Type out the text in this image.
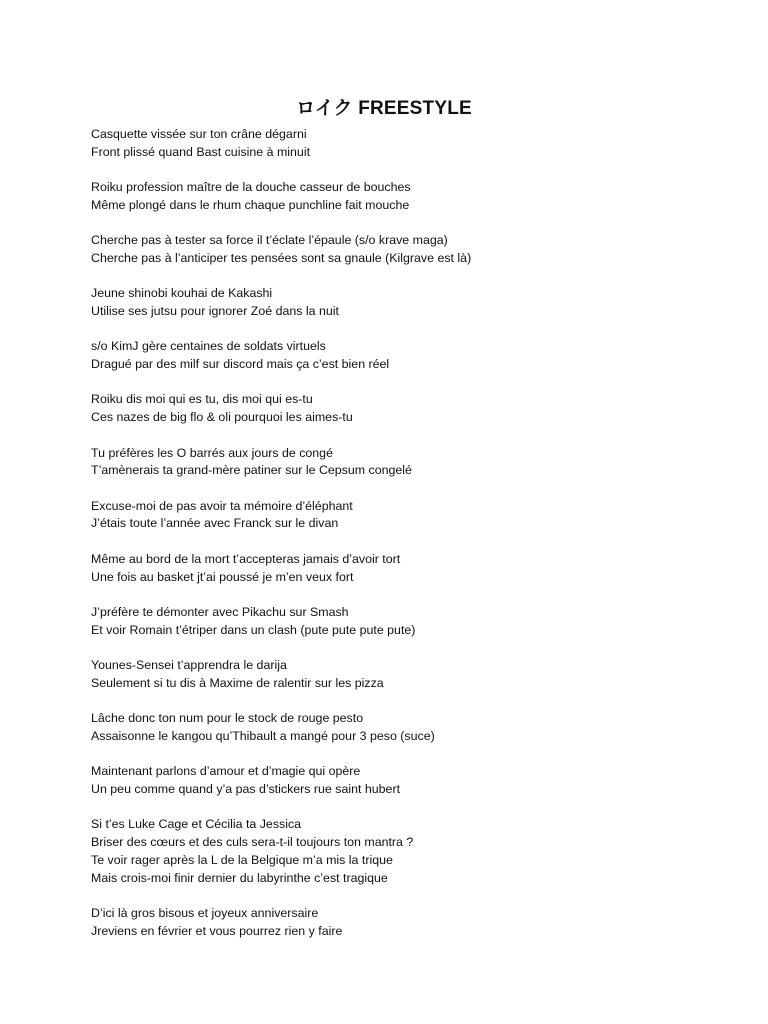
ロイク FREESTYLE
Casquette vissée sur ton crâne dégarni
Front plissé quand Bast cuisine à minuit
Roiku profession maître de la douche casseur de bouches
Même plongé dans le rhum chaque punchline fait mouche
Cherche pas à tester sa force il t’éclate l’épaule (s/o krave maga)
Cherche pas à l’anticiper tes pensées sont sa gnaule (Kilgrave est là)
Jeune shinobi kouhai de Kakashi
Utilise ses jutsu pour ignorer Zoé dans la nuit
s/o KimJ gère centaines de soldats virtuels
Dragué par des milf sur discord mais ça c’est bien réel
Roiku dis moi qui es tu, dis moi qui es-tu
Ces nazes de big flo & oli pourquoi les aimes-tu
Tu préfères les O barrés aux jours de congé
T’amènerais ta grand-mère patiner sur le Cepsum congelé
Excuse-moi de pas avoir ta mémoire d’éléphant
J’étais toute l’année avec Franck sur le divan
Même au bord de la mort t’accepteras jamais d’avoir tort
Une fois au basket jt’ai poussé je m’en veux fort
J’préfère te démonter avec Pikachu sur Smash
Et voir Romain t’étriper dans un clash (pute pute pute pute)
Younes-Sensei t’apprendra le darija
Seulement si tu dis à Maxime de ralentir sur les pizza
Lâche donc ton num pour le stock de rouge pesto
Assaisonne le kangou qu’Thibault a mangé pour 3 peso (suce)
Maintenant parlons d’amour et d’magie qui opère
Un peu comme quand y’a pas d’stickers rue saint hubert
Si t’es Luke Cage et Cécilia ta Jessica
Briser des cœurs et des culs sera-t-il toujours ton mantra ?
Te voir rager après la L de la Belgique m’a mis la trique
Mais crois-moi finir dernier du labyrinthe c’est tragique
D’ici là gros bisous et joyeux anniversaire
Jreviens en février et vous pourrez rien y faire
